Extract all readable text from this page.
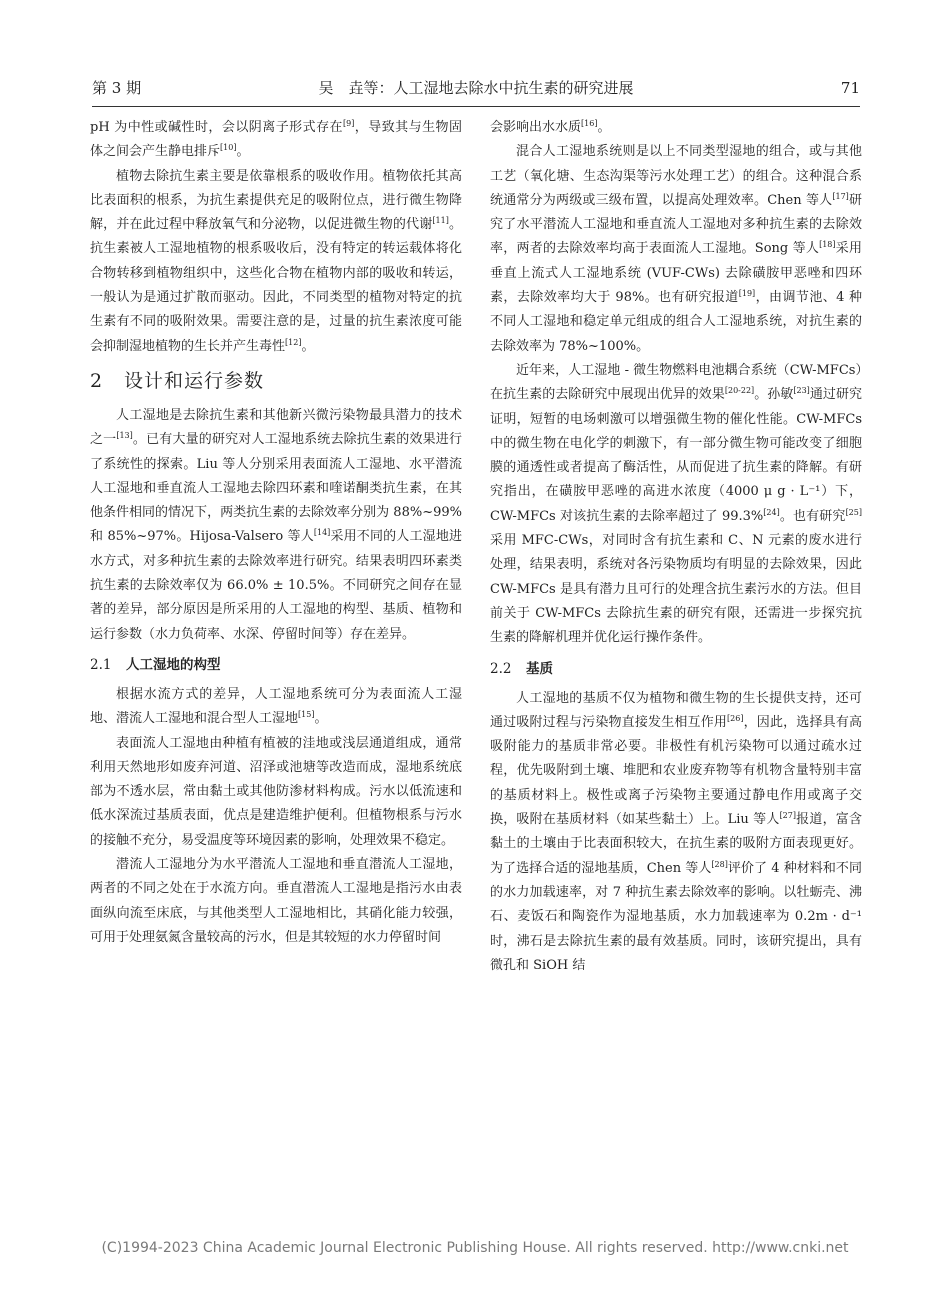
第 3 期	吴　垚等：人工湿地去除水中抗生素的研究进展	71

pH 为中性或碱性时，会以阴离子形式存在[9]，导致其与生物固体之间会产生静电排斥[10]。

植物去除抗生素主要是依靠根系的吸收作用。植物依托其高比表面积的根系，为抗生素提供充足的吸附位点，进行微生物降解，并在此过程中释放氧气和分泌物，以促进微生物的代谢[11]。抗生素被人工湿地植物的根系吸收后，没有特定的转运载体将化合物转移到植物组织中，这些化合物在植物内部的吸收和转运，一般认为是通过扩散而驱动。因此，不同类型的植物对特定的抗生素有不同的吸附效果。需要注意的是，过量的抗生素浓度可能会抑制湿地植物的生长并产生毒性[12]。

2 设计和运行参数

人工湿地是去除抗生素和其他新兴微污染物最具潜力的技术之一[13]。已有大量的研究对人工湿地系统去除抗生素的效果进行了系统性的探索。Liu 等人分别采用表面流人工湿地、水平潜流人工湿地和垂直流人工湿地去除四环素和喹诺酮类抗生素，在其他条件相同的情况下，两类抗生素的去除效率分别为 88%~99% 和 85%~97%。Hijosa-Valsero 等人[14]采用不同的人工湿地进水方式，对多种抗生素的去除效率进行研究。结果表明四环素类抗生素的去除效率仅为 66.0% ± 10.5%。不同研究之间存在显著的差异，部分原因是所采用的人工湿地的构型、基质、植物和运行参数（水力负荷率、水深、停留时间等）存在差异。

2.1 人工湿地的构型

根据水流方式的差异，人工湿地系统可分为表面流人工湿地、潜流人工湿地和混合型人工湿地[15]。

表面流人工湿地由种植有植被的洼地或浅层通道组成，通常利用天然地形如废弃河道、沼泽或池塘等改造而成，湿地系统底部为不透水层，常由黏土或其他防渗材料构成。污水以低流速和低水深流过基质表面，优点是建造维护便利。但植物根系与污水的接触不充分，易受温度等环境因素的影响，处理效果不稳定。

潜流人工湿地分为水平潜流人工湿地和垂直潜流人工湿地，两者的不同之处在于水流方向。垂直潜流人工湿地是指污水由表面纵向流至床底，与其他类型人工湿地相比，其硝化能力较强，可用于处理氨氮含量较高的污水，但是其较短的水力停留时间

会影响出水水质[16]。

混合人工湿地系统则是以上不同类型湿地的组合，或与其他工艺（氧化塘、生态沟渠等污水处理工艺）的组合。这种混合系统通常分为两级或三级布置，以提高处理效率。Chen 等人[17]研究了水平潜流人工湿地和垂直流人工湿地对多种抗生素的去除效率，两者的去除效率均高于表面流人工湿地。Song 等人[18]采用垂直上流式人工湿地系统 (VUF-CWs) 去除磺胺甲恶唑和四环素，去除效率均大于 98%。也有研究报道[19]，由调节池、4 种不同人工湿地和稳定单元组成的组合人工湿地系统，对抗生素的去除效率为 78%~100%。

近年来，人工湿地 - 微生物燃料电池耦合系统（CW-MFCs）在抗生素的去除研究中展现出优异的效果[20-22]。孙敏[23]通过研究证明，短暂的电场刺激可以增强微生物的催化性能。CW-MFCs 中的微生物在电化学的刺激下，有一部分微生物可能改变了细胞膜的通透性或者提高了酶活性，从而促进了抗生素的降解。有研究指出，在磺胺甲恶唑的高进水浓度（4000 μ g · L⁻¹）下，CW-MFCs 对该抗生素的去除率超过了 99.3%[24]。也有研究[25]采用 MFC-CWs，对同时含有抗生素和 C、N 元素的废水进行处理，结果表明，系统对各污染物质均有明显的去除效果，因此 CW-MFCs 是具有潜力且可行的处理含抗生素污水的方法。但目前关于 CW-MFCs 去除抗生素的研究有限，还需进一步探究抗生素的降解机理并优化运行操作条件。

2.2 基质

人工湿地的基质不仅为植物和微生物的生长提供支持，还可通过吸附过程与污染物直接发生相互作用[26]，因此，选择具有高吸附能力的基质非常必要。非极性有机污染物可以通过疏水过程，优先吸附到土壤、堆肥和农业废弃物等有机物含量特别丰富的基质材料上。极性或离子污染物主要通过静电作用或离子交换，吸附在基质材料（如某些黏土）上。Liu 等人[27]报道，富含黏土的土壤由于比表面积较大，在抗生素的吸附方面表现更好。为了选择合适的湿地基质，Chen 等人[28]评价了 4 种材料和不同的水力加载速率，对 7 种抗生素去除效率的影响。以牡蛎壳、沸石、麦饭石和陶瓷作为湿地基质，水力加载速率为 0.2m · d⁻¹ 时，沸石是去除抗生素的最有效基质。同时，该研究提出，具有微孔和 SiOH 结

(C)1994-2023 China Academic Journal Electronic Publishing House. All rights reserved. http://www.cnki.net
